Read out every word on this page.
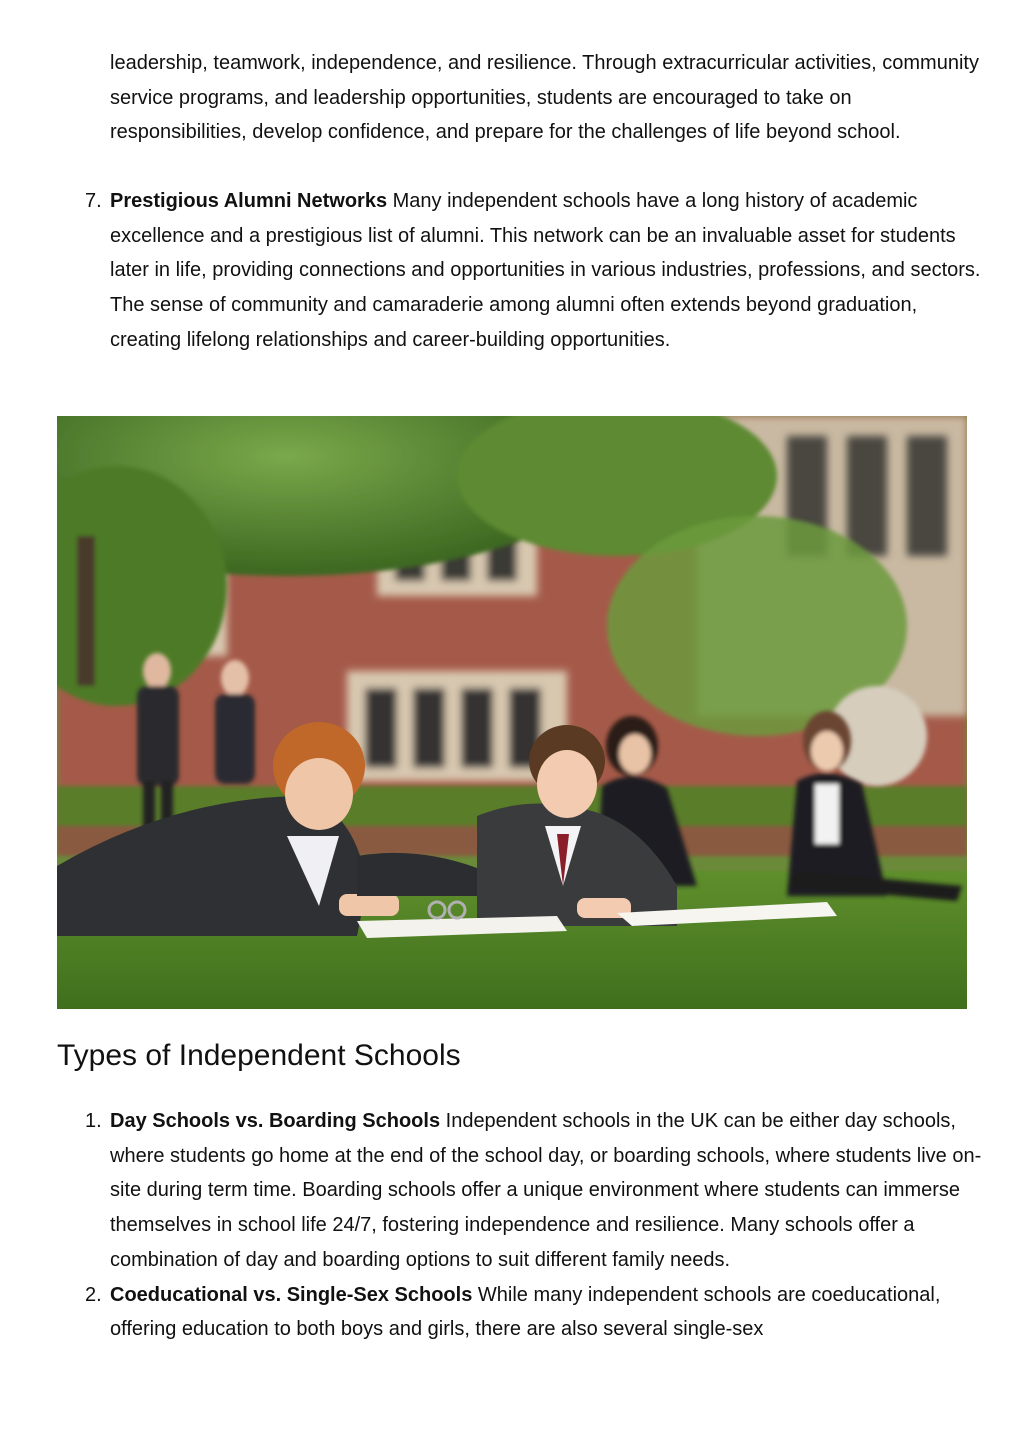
leadership, teamwork, independence, and resilience. Through extracurricular activities, community service programs, and leadership opportunities, students are encouraged to take on responsibilities, develop confidence, and prepare for the challenges of life beyond school.
7. Prestigious Alumni Networks Many independent schools have a long history of academic excellence and a prestigious list of alumni. This network can be an invaluable asset for students later in life, providing connections and opportunities in various industries, professions, and sectors. The sense of community and camaraderie among alumni often extends beyond graduation, creating lifelong relationships and career-building opportunities.
Types of Independent Schools
1. Day Schools vs. Boarding Schools Independent schools in the UK can be either day schools, where students go home at the end of the school day, or boarding schools, where students live on-site during term time. Boarding schools offer a unique environment where students can immerse themselves in school life 24/7, fostering independence and resilience. Many schools offer a combination of day and boarding options to suit different family needs.
2. Coeducational vs. Single-Sex Schools While many independent schools are coeducational, offering education to both boys and girls, there are also several single-sex
